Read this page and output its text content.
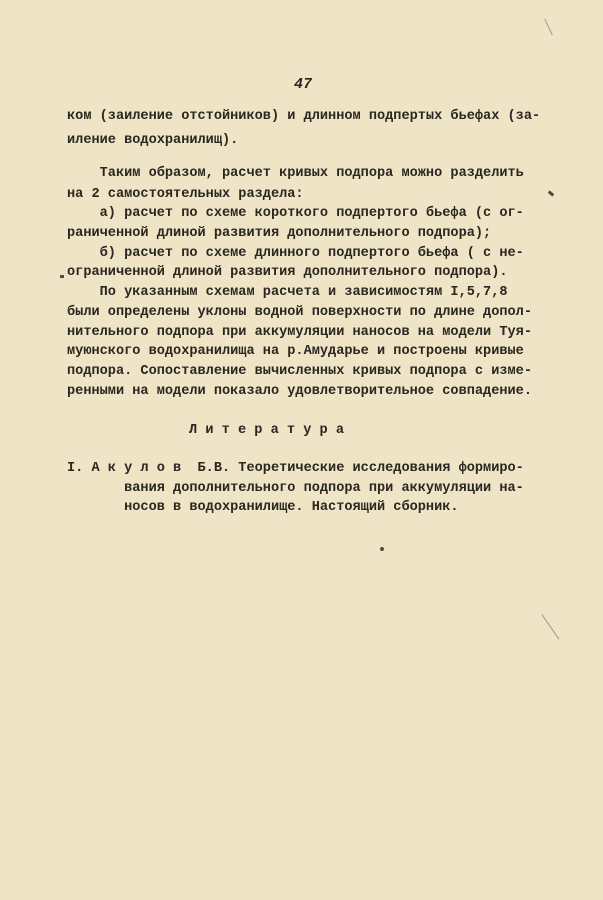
47
ком (заиление отстойников) и длинном подпертых бьефах (за-
иление водохранилищ).
Таким образом, расчет кривых подпора можно разделить
на 2 самостоятельных раздела:
а) расчет по схеме короткого подпертого бьефа (с ог-
раниченной длиной развития дополнительного подпора);
б) расчет по схеме длинного подпертого бьефа ( с не-
ограниченной длиной развития дополнительного подпора).
По указанным схемам расчета и зависимостям I,5,7,8
были определены уклоны водной поверхности по длине допол-
нительного подпора при аккумуляции наносов на модели Туя-
муюнского водохранилища на р.Амударье и построены кривые
подпора. Сопоставление вычисленных кривых подпора с изме-
ренными на модели показало удовлетворительное совпадение.
Л и т е р а т у р а
I. А к у л о в  Б.В. Теоретические исследования формиро-
вания дополнительного подпора при аккумуляции на-
носов в водохранилище. Настоящий сборник.
